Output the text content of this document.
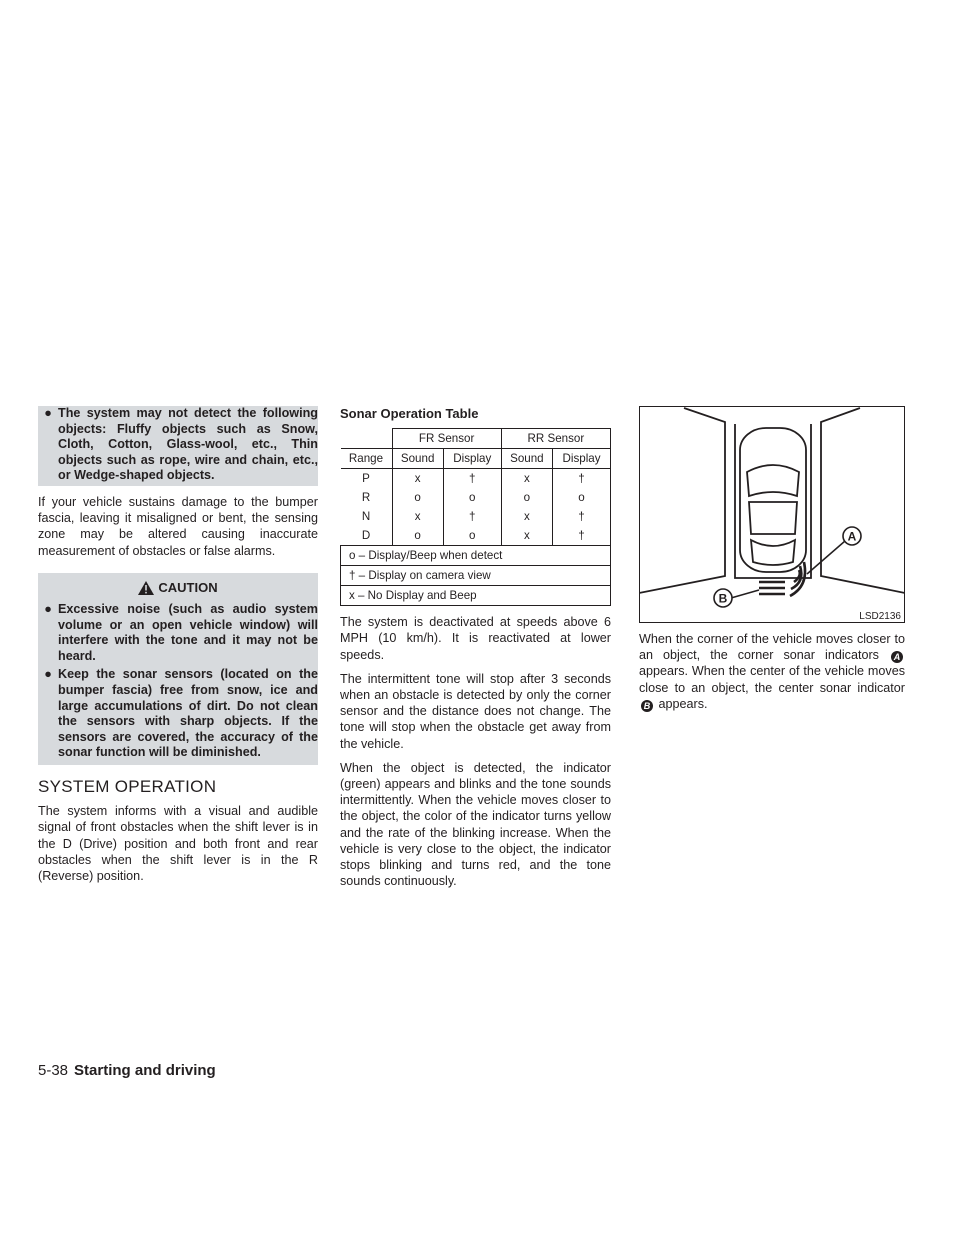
● The system may not detect the following objects: Fluffy objects such as Snow, Cloth, Cotton, Glass-wool, etc., Thin objects such as rope, wire and chain, etc., or Wedge-shaped objects.

If your vehicle sustains damage to the bumper fascia, leaving it misaligned or bent, the sensing zone may be altered causing inaccurate measurement of obstacles or false alarms.

CAUTION
● Excessive noise (such as audio system volume or an open vehicle window) will interfere with the tone and it may not be heard.
● Keep the sonar sensors (located on the bumper fascia) free from snow, ice and large accumulations of dirt. Do not clean the sensors with sharp objects. If the sensors are covered, the accuracy of the sonar function will be diminished.
SYSTEM OPERATION

The system informs with a visual and audible signal of front obstacles when the shift lever is in the D (Drive) position and both front and rear obstacles when the shift lever is in the R (Reverse) position.

Sonar Operation Table
	FR Sensor		RR Sensor	
Range	Sound	Display	Sound	Display
P	x	†	x	†
R	o	o	o	o
N	x	†	x	†
D	o	o	x	†
o – Display/Beep when detect				
† – Display on camera view				
x – No Display and Beep				

The system is deactivated at speeds above 6 MPH (10 km/h). It is reactivated at lower speeds.

The intermittent tone will stop after 3 seconds when an obstacle is detected by only the corner sensor and the distance does not change. The tone will stop when the obstacle get away from the vehicle.

When the object is detected, the indicator (green) appears and blinks and the tone sounds intermittently. When the vehicle moves closer to the object, the color of the indicator turns yellow and the rate of the blinking increase. When the vehicle is very close to the object, the indicator stops blinking and turns red, and the tone sounds continuously.

A
B
LSD2136

When the corner of the vehicle moves closer to an object, the corner sonar indicators A appears. When the center of the vehicle moves close to an object, the center sonar indicator B appears.

5-38 Starting and driving
